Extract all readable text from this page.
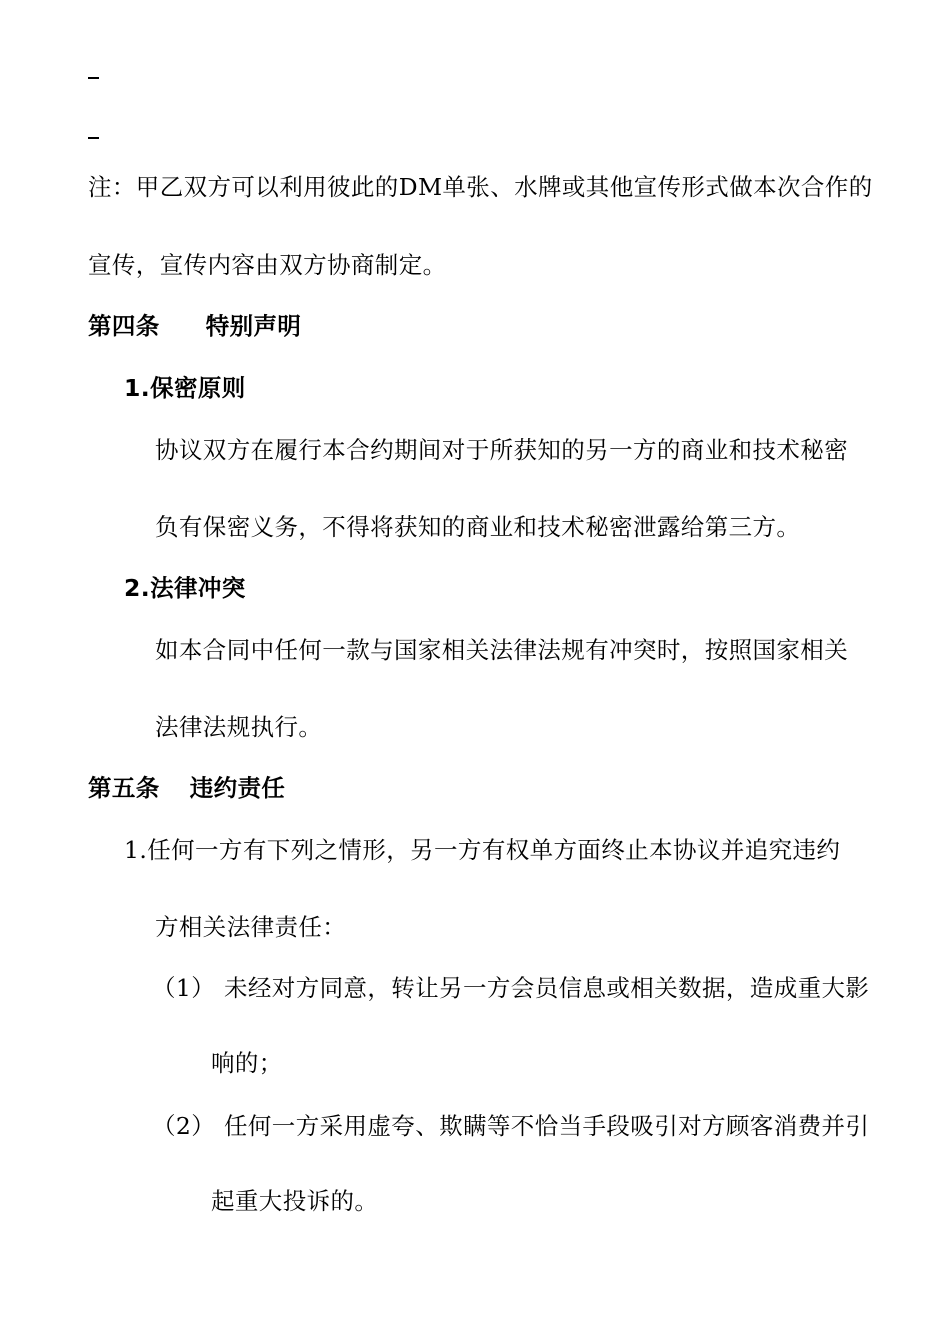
注：甲乙双方可以利用彼此的DM单张、水牌或其他宣传形式做本次合作的
宣传，宣传内容由双方协商制定。
第四条 特别声明
1.保密原则
协议双方在履行本合约期间对于所获知的另一方的商业和技术秘密
负有保密义务，不得将获知的商业和技术秘密泄露给第三方。
2.法律冲突
如本合同中任何一款与国家相关法律法规有冲突时，按照国家相关
法律法规执行。
第五条 违约责任
1.任何一方有下列之情形，另一方有权单方面终止本协议并追究违约
方相关法律责任：
（1） 未经对方同意，转让另一方会员信息或相关数据，造成重大影
响的；
（2） 任何一方采用虚夸、欺瞒等不恰当手段吸引对方顾客消费并引
起重大投诉的。
